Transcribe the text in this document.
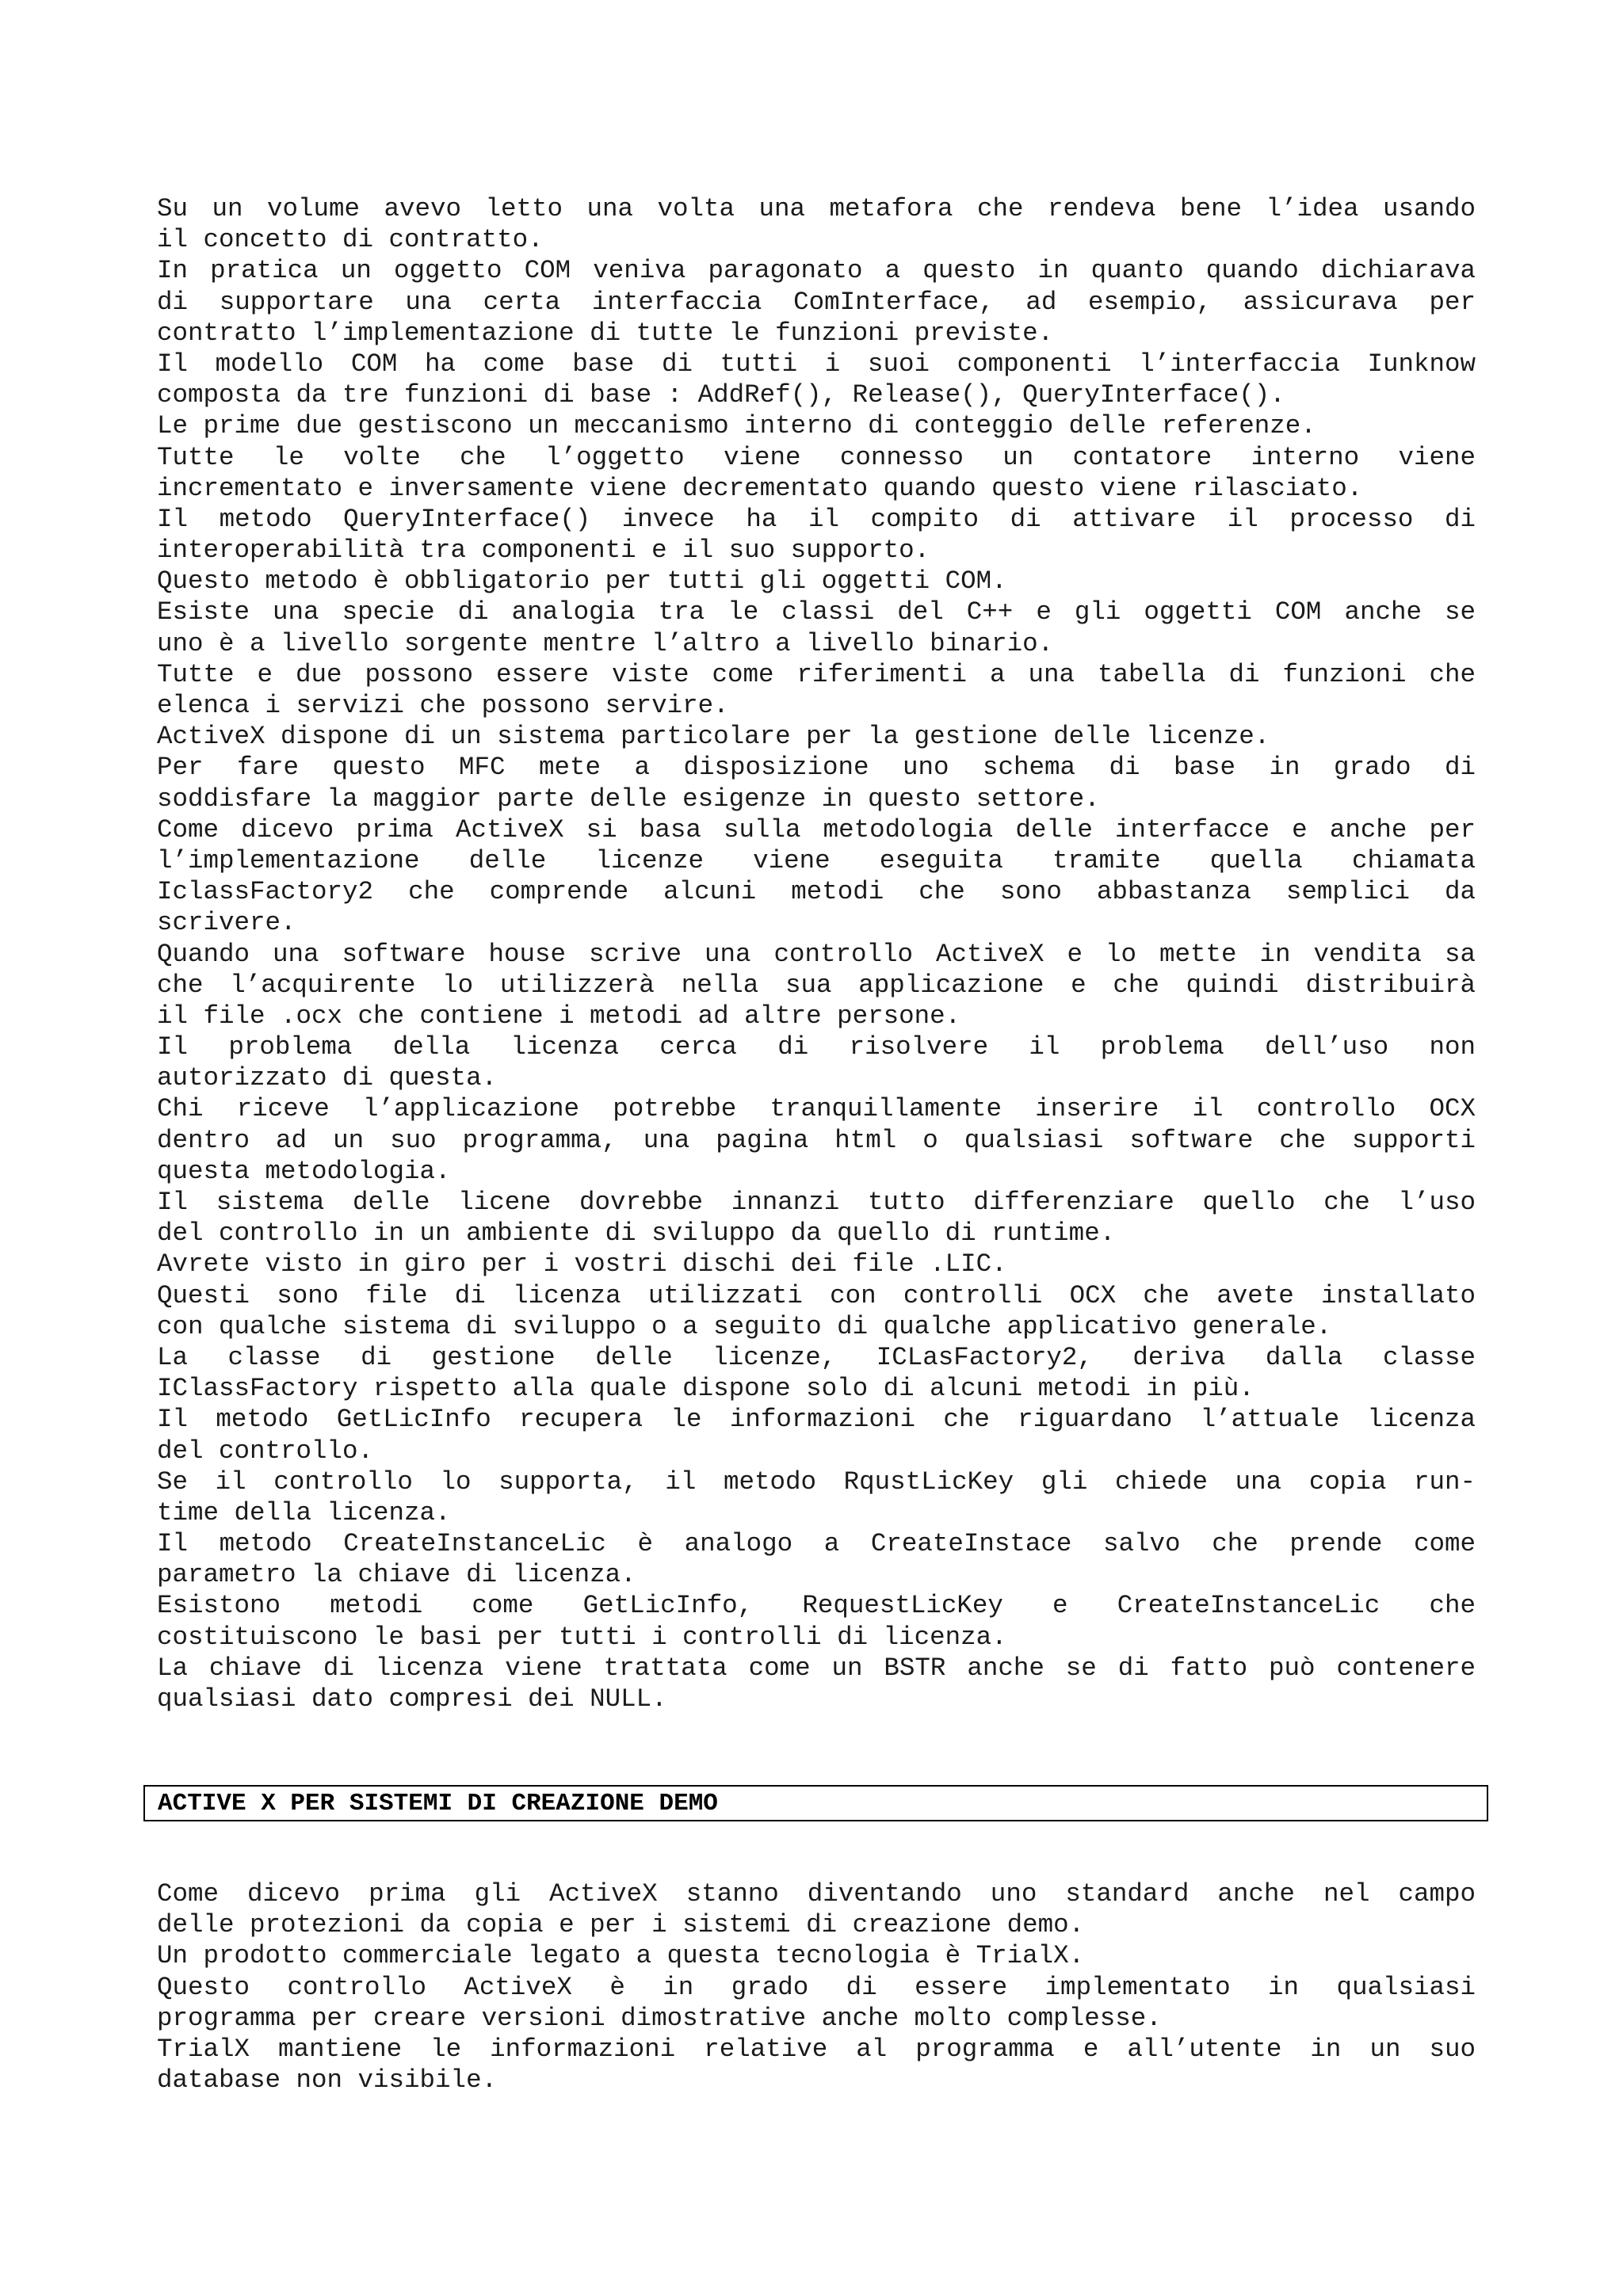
Su un volume avevo letto una volta una metafora che rendeva bene l’idea usando
il concetto di contratto.
In pratica un oggetto COM veniva paragonato a questo in quanto quando dichiarava
di supportare una certa interfaccia ComInterface, ad esempio, assicurava per
contratto l’implementazione di tutte le funzioni previste.
Il modello COM ha come base di tutti i suoi componenti l’interfaccia Iunknow
composta da tre funzioni di base : AddRef(), Release(), QueryInterface().
Le prime due gestiscono un meccanismo interno di conteggio delle referenze.
Tutte le volte che l’oggetto viene connesso un contatore interno viene
incrementato e inversamente viene decrementato quando questo viene rilasciato.
Il metodo QueryInterface() invece ha il compito di attivare il processo di
interoperabilità tra componenti e il suo supporto.
Questo metodo è obbligatorio per tutti gli oggetti COM.
Esiste una specie di analogia tra le classi del C++ e gli oggetti COM anche se
uno è a livello sorgente mentre l’altro a livello binario.
Tutte e due possono essere viste come riferimenti a una tabella di funzioni che
elenca i servizi che possono servire.
ActiveX dispone di un sistema particolare per la gestione delle licenze.
Per fare questo MFC mete a disposizione uno schema di base in grado di
soddisfare la maggior parte delle esigenze in questo settore.
Come dicevo prima ActiveX si basa sulla metodologia delle interfacce e anche per
l’implementazione delle licenze viene eseguita tramite quella chiamata
IclassFactory2 che comprende alcuni metodi che sono abbastanza semplici da
scrivere.
Quando una software house scrive una controllo ActiveX e lo mette in vendita sa
che l’acquirente lo utilizzerà nella sua applicazione e che quindi distribuirà
il file .ocx che contiene i metodi ad altre persone.
Il problema della licenza cerca di risolvere il problema dell’uso non
autorizzato di questa.
Chi riceve l’applicazione potrebbe tranquillamente inserire il controllo OCX
dentro ad un suo programma, una pagina html o qualsiasi software che supporti
questa metodologia.
Il sistema delle licene dovrebbe innanzi tutto differenziare quello che l’uso
del controllo in un ambiente di sviluppo da quello di runtime.
Avrete visto in giro per i vostri dischi dei file .LIC.
Questi sono file di licenza utilizzati con controlli OCX che avete installato
con qualche sistema di sviluppo o a seguito di qualche applicativo generale.
La classe di gestione delle licenze, ICLasFactory2, deriva dalla classe
IClassFactory rispetto alla quale dispone solo di alcuni metodi in più.
Il metodo GetLicInfo recupera le informazioni che riguardano l’attuale licenza
del controllo.
Se il controllo lo supporta, il metodo RqustLicKey gli chiede una copia run-
time della licenza.
Il metodo CreateInstanceLic è analogo a CreateInstace salvo che prende come
parametro la chiave di licenza.
Esistono metodi come GetLicInfo, RequestLicKey e CreateInstanceLic che
costituiscono le basi per tutti i controlli di licenza.
La chiave di licenza viene trattata come un BSTR anche se di fatto può contenere
qualsiasi dato compresi dei NULL.
ACTIVE X PER SISTEMI DI CREAZIONE DEMO
Come dicevo prima gli ActiveX stanno diventando uno standard anche nel campo
delle protezioni da copia e per i sistemi di creazione demo.
Un prodotto commerciale legato a questa tecnologia è TrialX.
Questo controllo ActiveX è in grado di essere implementato in qualsiasi
programma per creare versioni dimostrative anche molto complesse.
TrialX mantiene le informazioni relative al programma e all’utente in un suo
database non visibile.
